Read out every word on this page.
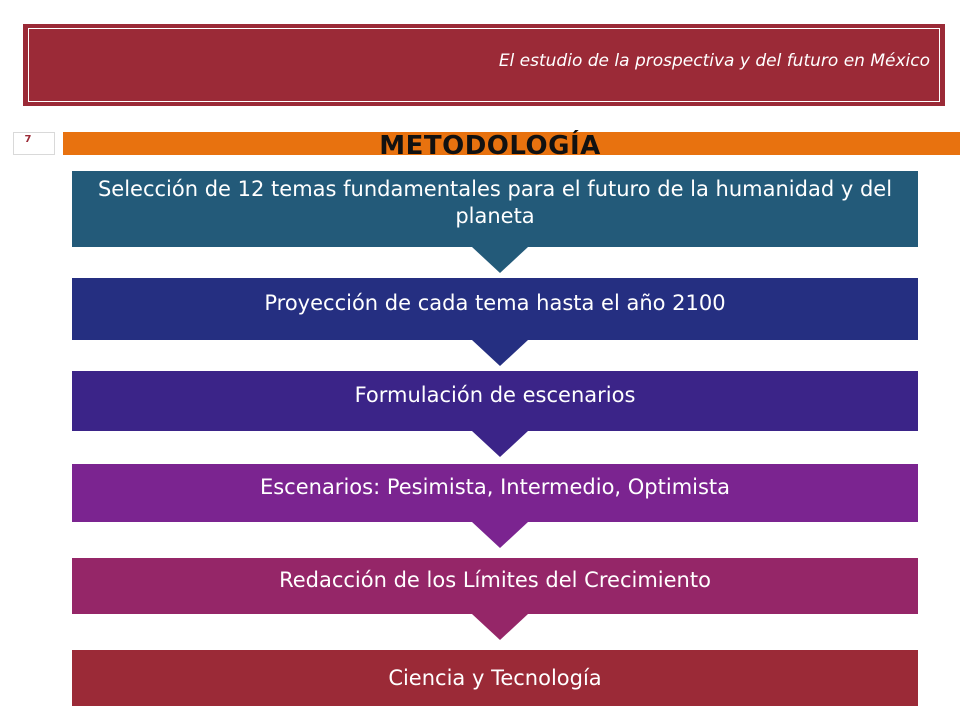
El estudio de la prospectiva y del futuro en México
7	METODOLOGÍA
Selección de 12 temas fundamentales para el futuro de la humanidad y del planeta
Proyección de cada tema hasta el año 2100
Formulación de escenarios
Escenarios: Pesimista, Intermedio, Optimista
Redacción de los Límites del Crecimiento
Ciencia y Tecnología
